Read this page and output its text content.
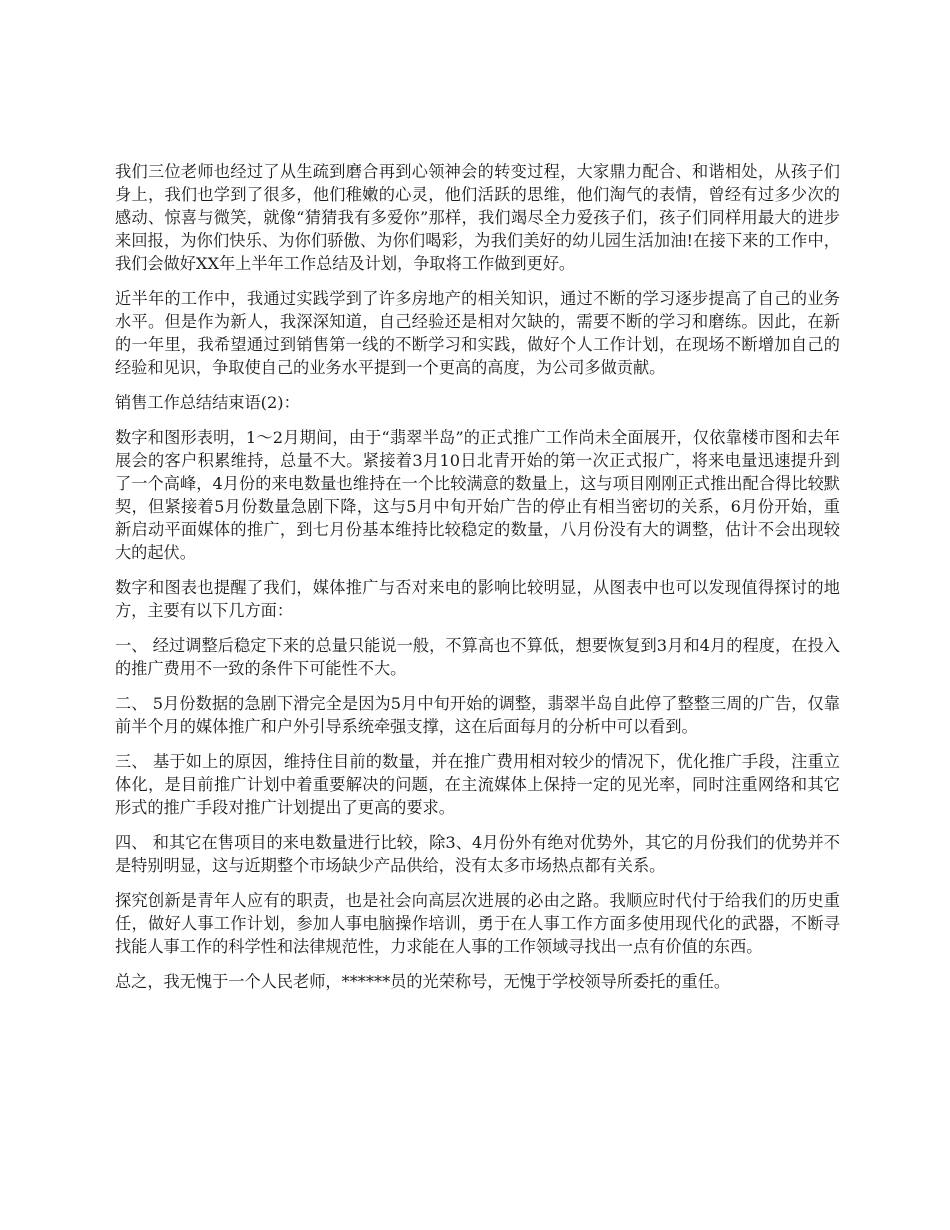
我们三位老师也经过了从生疏到磨合再到心领神会的转变过程，大家鼎力配合、和谐相处，从孩子们身上，我们也学到了很多，他们稚嫩的心灵，他们活跃的思维，他们淘气的表情，曾经有过多少次的感动、惊喜与微笑，就像“猜猜我有多爱你”那样，我们竭尽全力爱孩子们，孩子们同样用最大的进步来回报，为你们快乐、为你们骄傲、为你们喝彩，为我们美好的幼儿园生活加油!在接下来的工作中，我们会做好XX年上半年工作总结及计划，争取将工作做到更好。

近半年的工作中，我通过实践学到了许多房地产的相关知识，通过不断的学习逐步提高了自己的业务水平。但是作为新人，我深深知道，自己经验还是相对欠缺的，需要不断的学习和磨练。因此，在新的一年里，我希望通过到销售第一线的不断学习和实践，做好个人工作计划，在现场不断增加自己的经验和见识，争取使自己的业务水平提到一个更高的高度，为公司多做贡献。

销售工作总结结束语(2)：

数字和图形表明，1～2月期间，由于“翡翠半岛”的正式推广工作尚未全面展开，仅依靠楼市图和去年展会的客户积累维持，总量不大。紧接着3月10日北青开始的第一次正式报广，将来电量迅速提升到了一个高峰，4月份的来电数量也维持在一个比较满意的数量上，这与项目刚刚正式推出配合得比较默契，但紧接着5月份数量急剧下降，这与5月中旬开始广告的停止有相当密切的关系，6月份开始，重新启动平面媒体的推广，到七月份基本维持比较稳定的数量，八月份没有大的调整，估计不会出现较大的起伏。

数字和图表也提醒了我们，媒体推广与否对来电的影响比较明显，从图表中也可以发现值得探讨的地方，主要有以下几方面：

一、 经过调整后稳定下来的总量只能说一般，不算高也不算低，想要恢复到3月和4月的程度，在投入的推广费用不一致的条件下可能性不大。

二、 5月份数据的急剧下滑完全是因为5月中旬开始的调整，翡翠半岛自此停了整整三周的广告，仅靠前半个月的媒体推广和户外引导系统牵强支撑，这在后面每月的分析中可以看到。

三、 基于如上的原因，维持住目前的数量，并在推广费用相对较少的情况下，优化推广手段，注重立体化，是目前推广计划中着重要解决的问题，在主流媒体上保持一定的见光率，同时注重网络和其它形式的推广手段对推广计划提出了更高的要求。

四、 和其它在售项目的来电数量进行比较，除3、4月份外有绝对优势外，其它的月份我们的优势并不是特别明显，这与近期整个市场缺少产品供给，没有太多市场热点都有关系。

探究创新是青年人应有的职责，也是社会向高层次进展的必由之路。我顺应时代付于给我们的历史重任，做好人事工作计划，参加人事电脑操作培训，勇于在人事工作方面多使用现代化的武器，不断寻找能人事工作的科学性和法律规范性，力求能在人事的工作领域寻找出一点有价值的东西。

总之，我无愧于一个人民老师，******员的光荣称号，无愧于学校领导所委托的重任。
